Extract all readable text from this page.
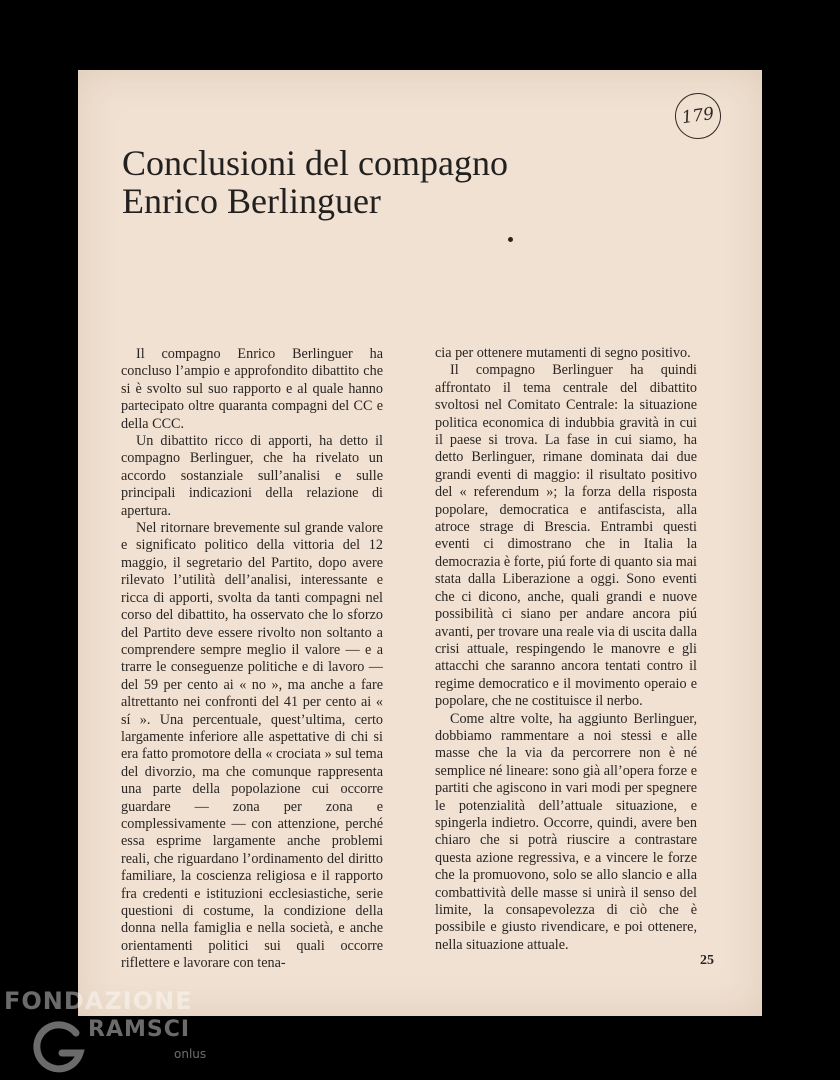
179
Conclusioni del compagno
Enrico Berlinguer

Il compagno Enrico Berlinguer ha concluso l’ampio e approfondito dibattito che si è svolto sul suo rapporto e al quale hanno partecipato oltre quaranta compagni del CC e della CCC.

Un dibattito ricco di apporti, ha detto il compagno Berlinguer, che ha rivelato un accordo sostanziale sull’analisi e sulle principali indicazioni della relazione di apertura.

Nel ritornare brevemente sul grande valore e significato politico della vittoria del 12 maggio, il segretario del Partito, dopo avere rilevato l’utilità dell’analisi, interessante e ricca di apporti, svolta da tanti compagni nel corso del dibattito, ha osservato che lo sforzo del Partito deve essere rivolto non soltanto a comprendere sempre meglio il valore — e a trarre le conseguenze politiche e di lavoro — del 59 per cento ai « no », ma anche a fare altrettanto nei confronti del 41 per cento ai « sí ». Una percentuale, quest’ultima, certo largamente inferiore alle aspettative di chi si era fatto promotore della « crociata » sul tema del divorzio, ma che comunque rappresenta una parte della popolazione cui occorre guardare — zona per zona e complessivamente — con attenzione, perché essa esprime largamente anche problemi reali, che riguardano l’ordinamento del diritto familiare, la coscienza religiosa e il rapporto fra credenti e istituzioni ecclesiastiche, serie questioni di costume, la condizione della donna nella famiglia e nella società, e anche orientamenti politici sui quali occorre riflettere e lavorare con tena-

cia per ottenere mutamenti di segno positivo.

Il compagno Berlinguer ha quindi affrontato il tema centrale del dibattito svoltosi nel Comitato Centrale: la situazione politica economica di indubbia gravità in cui il paese si trova. La fase in cui siamo, ha detto Berlinguer, rimane dominata dai due grandi eventi di maggio: il risultato positivo del « referendum »; la forza della risposta popolare, democratica e antifascista, alla atroce strage di Brescia. Entrambi questi eventi ci dimostrano che in Italia la democrazia è forte, piú forte di quanto sia mai stata dalla Liberazione a oggi. Sono eventi che ci dicono, anche, quali grandi e nuove possibilità ci siano per andare ancora piú avanti, per trovare una reale via di uscita dalla crisi attuale, respingendo le manovre e gli attacchi che saranno ancora tentati contro il regime democratico e il movimento operaio e popolare, che ne costituisce il nerbo.

Come altre volte, ha aggiunto Berlinguer, dobbiamo rammentare a noi stessi e alle masse che la via da percorrere non è né semplice né lineare: sono già all’opera forze e partiti che agiscono in vari modi per spegnere le potenzialità dell’attuale situazione, e spingerla indietro. Occorre, quindi, avere ben chiaro che si potrà riuscire a contrastare questa azione regressiva, e a vincere le forze che la promuovono, solo se allo slancio e alla combattività delle masse si unirà il senso del limite, la consapevolezza di ciò che è possibile e giusto rivendicare, e poi ottenere, nella situazione attuale.

25
FONDAZIONE
RAMSCI
onlus
